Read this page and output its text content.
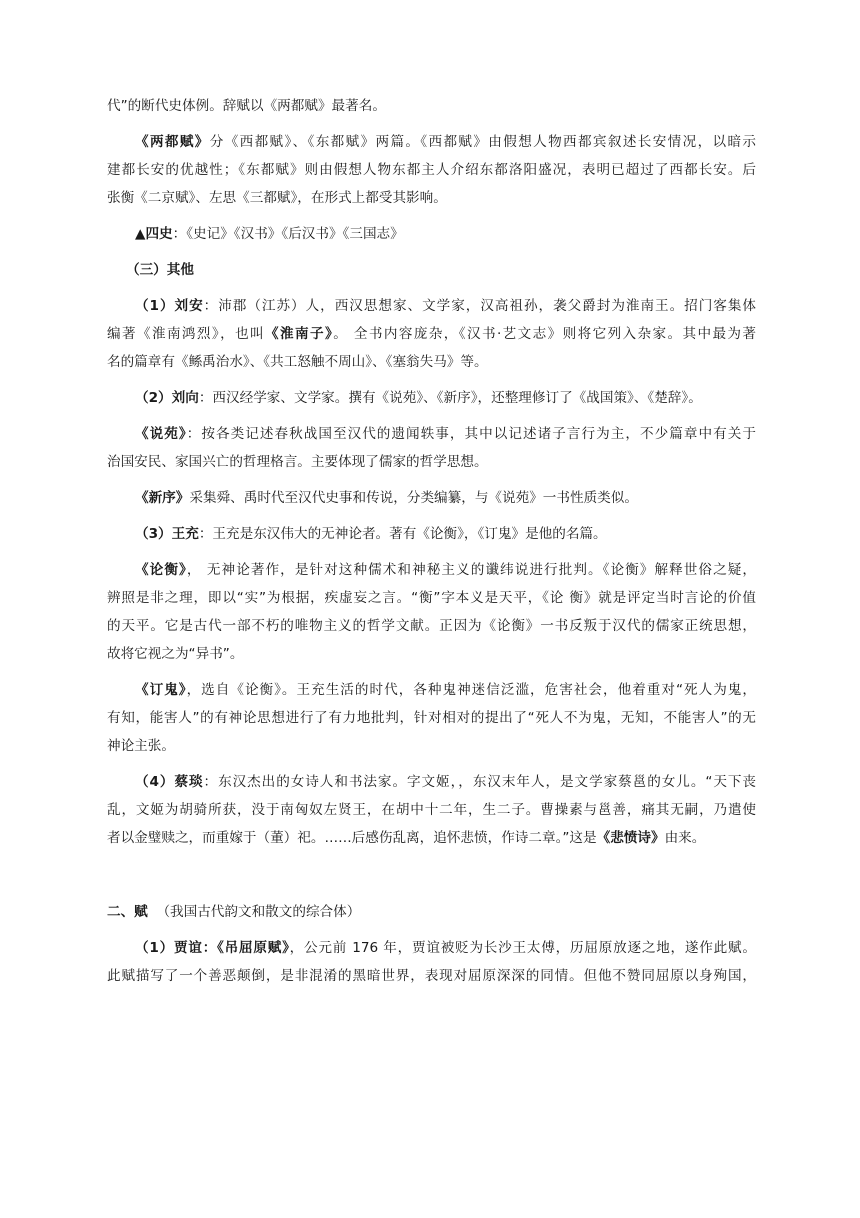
代”的断代史体例。辞赋以《两都赋》最著名。
《两都赋》分《西都赋》、《东都赋》两篇。《西都赋》由假想人物西都宾叙述长安情况，以暗示
建都长安的优越性；《东都赋》则由假想人物东都主人介绍东都洛阳盛况，表明已超过了西都长安。后
张衡《二京赋》、左思《三都赋》，在形式上都受其影响。
▲四史：《史记》《汉书》《后汉书》《三国志》
（三）其他
（1）刘安：沛郡（江苏）人，西汉思想家、文学家，汉高祖孙，袭父爵封为淮南王。招门客集体
编著《淮南鸿烈》，也叫《淮南子》。 全书内容庞杂，《汉书·艺文志》则将它列入杂家。其中最为著
名的篇章有《鲧禹治水》、《共工怒触不周山》、《塞翁失马》等。
（2）刘向：西汉经学家、文学家。撰有《说苑》、《新序》，还整理修订了《战国策》、《楚辞》。
《说苑》：按各类记述春秋战国至汉代的遗闻轶事，其中以记述诸子言行为主，不少篇章中有关于
治国安民、家国兴亡的哲理格言。主要体现了儒家的哲学思想。
《新序》采集舜、禹时代至汉代史事和传说，分类编纂，与《说苑》一书性质类似。
（3）王充：王充是东汉伟大的无神论者。著有《论衡》，《订鬼》是他的名篇。
《论衡》， 无神论著作，是针对这种儒术和神秘主义的谶纬说进行批判。《论衡》解释世俗之疑，
辨照是非之理，即以“实”为根据，疾虚妄之言。“衡”字本义是天平，《论 衡》就是评定当时言论的价值
的天平。它是古代一部不朽的唯物主义的哲学文献。正因为《论衡》一书反叛于汉代的儒家正统思想，
故将它视之为“异书”。
《订鬼》，选自《论衡》。王充生活的时代，各种鬼神迷信泛滥，危害社会，他着重对“死人为鬼，
有知，能害人”的有神论思想进行了有力地批判，针对相对的提出了“死人不为鬼，无知，不能害人”的无
神论主张。
（4）蔡琰：东汉杰出的女诗人和书法家。字文姬，，东汉末年人，是文学家蔡邕的女儿。“天下丧
乱，文姬为胡骑所获，没于南匈奴左贤王，在胡中十二年，生二子。曹操素与邕善，痛其无嗣，乃遣使
者以金璧赎之，而重嫁于（董）祀。……后感伤乱离，追怀悲愤，作诗二章。”这是《悲愤诗》由来。
二、赋 （我国古代韵文和散文的综合体）
（1）贾谊：《吊屈原赋》，公元前 176 年，贾谊被贬为长沙王太傅，历屈原放逐之地，遂作此赋。
此赋描写了一个善恶颠倒，是非混淆的黑暗世界，表现对屈原深深的同情。但他不赞同屈原以身殉国，
